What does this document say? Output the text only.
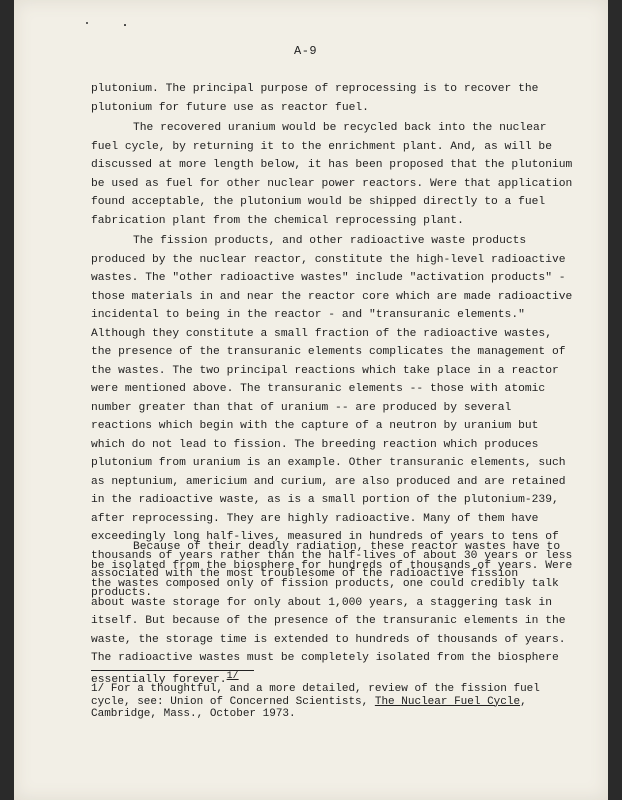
A-9

plutonium. The principal purpose of reprocessing is to recover the plutonium for future use as reactor fuel.

The recovered uranium would be recycled back into the nuclear fuel cycle, by returning it to the enrichment plant. And, as will be discussed at more length below, it has been proposed that the plutonium be used as fuel for other nuclear power reactors. Were that application found acceptable, the plutonium would be shipped directly to a fuel fabrication plant from the chemical reprocessing plant.

The fission products, and other radioactive waste products produced by the nuclear reactor, constitute the high-level radioactive wastes. The "other radioactive wastes" include "activation products" - those materials in and near the reactor core which are made radioactive incidental to being in the reactor - and "transuranic elements." Although they constitute a small fraction of the radioactive wastes, the presence of the transuranic elements complicates the management of the wastes. The two principal reactions which take place in a reactor were mentioned above. The transuranic elements -- those with atomic number greater than that of uranium -- are produced by several reactions which begin with the capture of a neutron by uranium but which do not lead to fission. The breeding reaction which produces plutonium from uranium is an example. Other transuranic elements, such as neptunium, americium and curium, are also produced and are retained in the radioactive waste, as is a small portion of the plutonium-239, after reprocessing. They are highly radioactive. Many of them have exceedingly long half-lives, measured in hundreds of years to tens of thousands of years rather than the half-lives of about 30 years or less associated with the most troublesome of the radioactive fission products.

Because of their deadly radiation, these reactor wastes have to be isolated from the biosphere for hundreds of thousands of years. Were the wastes composed only of fission products, one could credibly talk about waste storage for only about 1,000 years, a staggering task in itself. But because of the presence of the transuranic elements in the waste, the storage time is extended to hundreds of thousands of years. The radioactive wastes must be completely isolated from the biosphere essentially forever.1/

1/ For a thoughtful, and a more detailed, review of the fission fuel cycle, see: Union of Concerned Scientists, The Nuclear Fuel Cycle, Cambridge, Mass., October 1973.
